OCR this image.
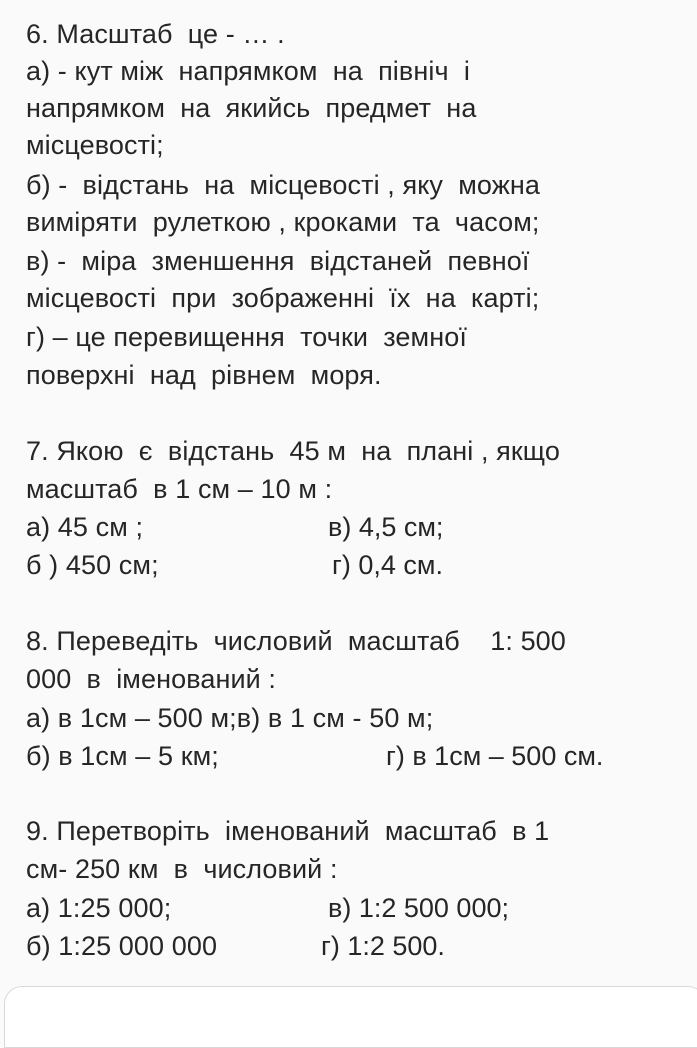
6. Масштаб  це - … .
а) - кут між  напрямком  на  північ  і
напрямком  на  якийсь  предмет  на
місцевості;
б) -  відстань  на  місцевості , яку  можна
виміряти  рулеткою , кроками  та  часом;
в) -  міра  зменшення  відстаней  певної
місцевості  при  зображенні  їх  на  карті;
г) – це перевищення  точки  земної
поверхні  над  рівнем  моря.
7. Якою  є  відстань  45 м  на  плані , якщо
масштаб  в 1 см – 10 м :
а) 45 см ;	в) 4,5 см;
б ) 450 см;	г) 0,4 см.
8. Переведіть  числовий  масштаб    1: 500
000  в  іменований :
а) в 1см – 500 м;в) в 1 см - 50 м;
б) в 1см – 5 км;	г) в 1см – 500 см.
9. Перетворіть  іменований  масштаб  в 1
см- 250 км  в  числовий :
а) 1:25 000;	в) 1:2 500 000;
б) 1:25 000 000	г) 1:2 500.
